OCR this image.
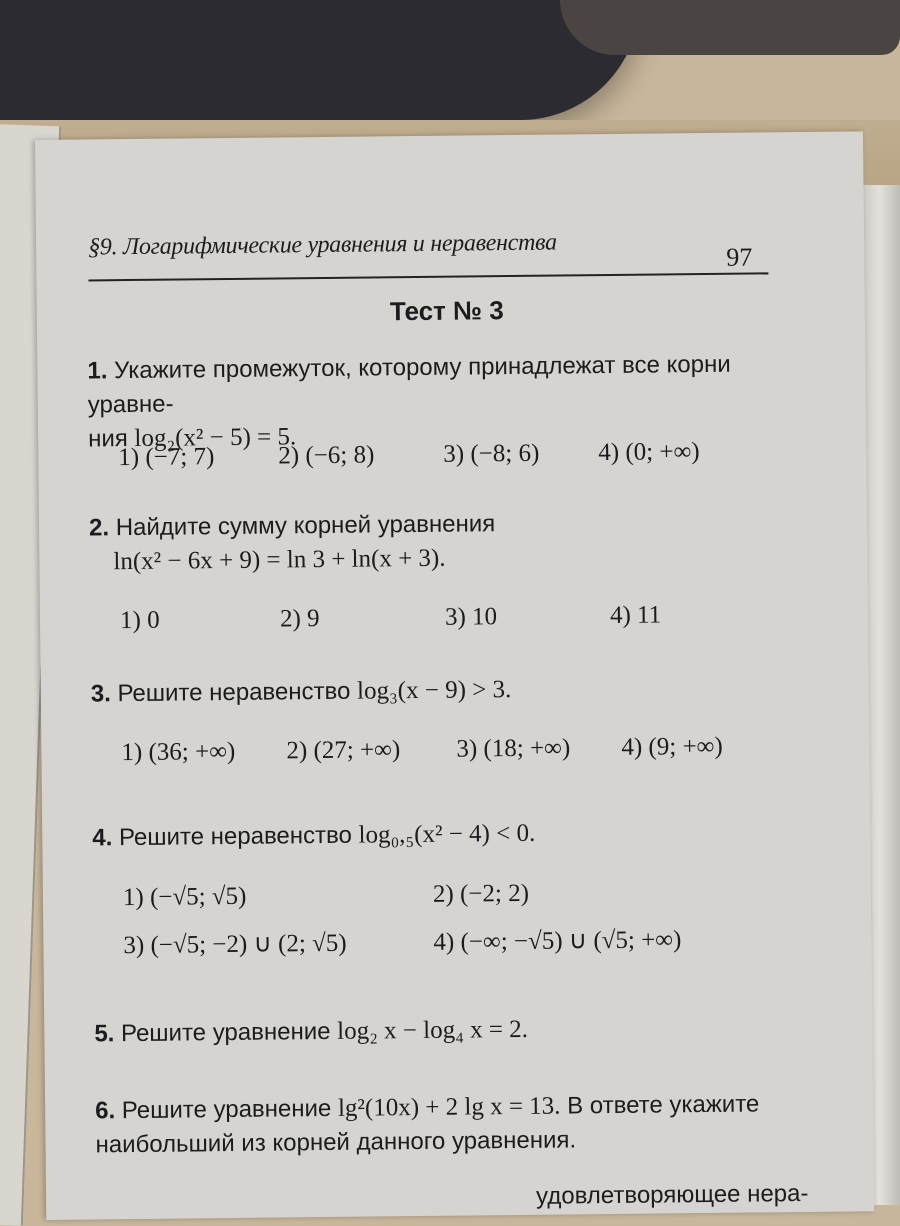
§9. Логарифмические уравнения и неравенства	97
Тест № 3
1. Укажите промежуток, которому принадлежат все корни уравне-
ния log₂(x² − 5) = 5.
1) (−7; 7)	2) (−6; 8)	3) (−8; 6) 4) (0; +∞)
2. Найдите сумму корней уравнения
ln(x² − 6x + 9) = ln 3 + ln(x + 3).
1) 0	2) 9	3) 10	4) 11
3. Решите неравенство log₃(x − 9) > 3.
1) (36; +∞) 2) (27; +∞) 3) (18; +∞) 4) (9; +∞)
4. Решите неравенство log₀,₅(x² − 4) < 0.
1) (−√5; √5)	2) (−2; 2)
3) (−√5; −2) ∪ (2; √5)	4) (−∞; −√5) ∪ (√5; +∞)
5. Решите уравнение log₂ x − log₄ x = 2.
6. Решите уравнение lg²(10x) + 2 lg x = 13. В ответе укажите
наибольший из корней данного уравнения.
удовлетворяющее нера-
